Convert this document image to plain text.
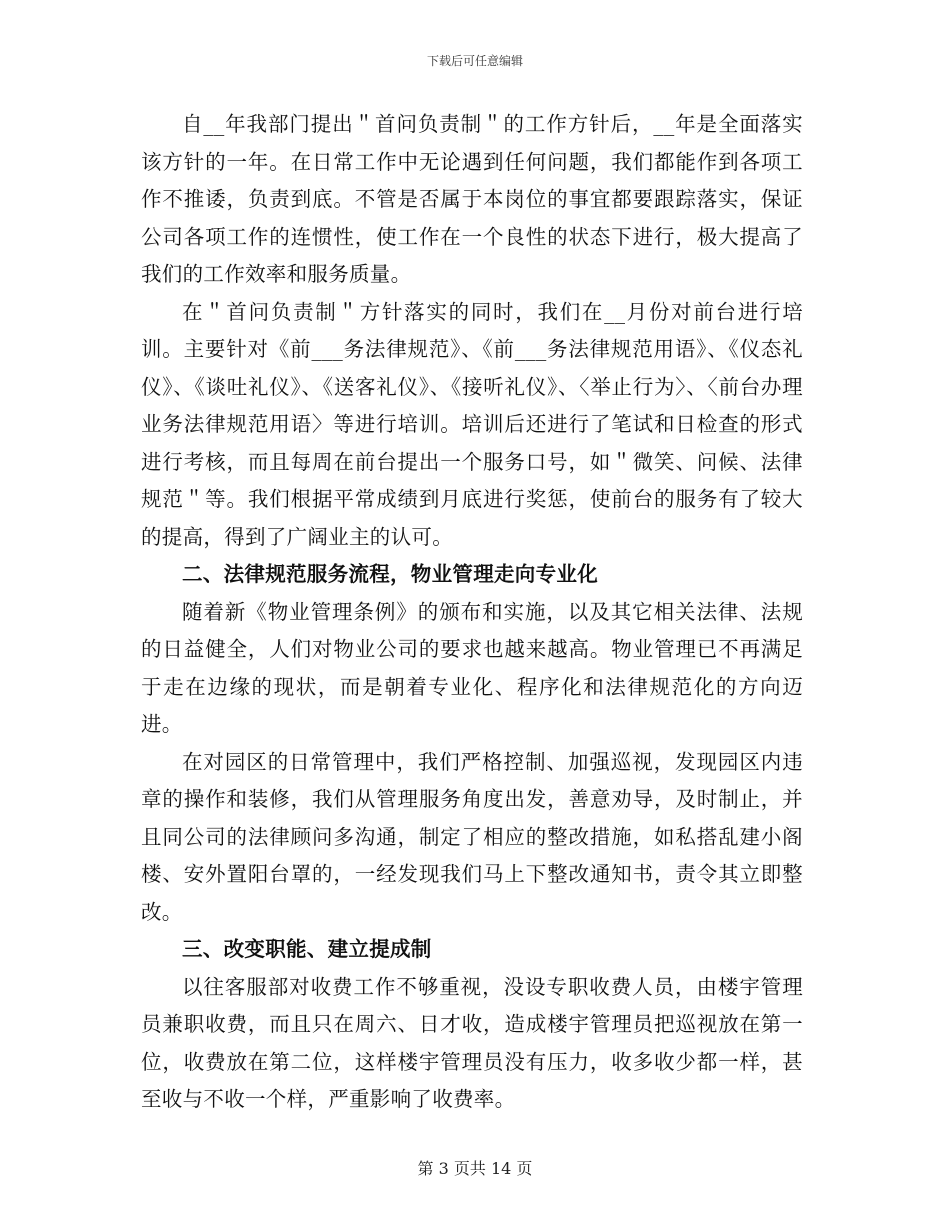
下载后可任意编辑

自__年我部门提出＂首问负责制＂的工作方针后，__年是全面落实该方针的一年。在日常工作中无论遇到任何问题，我们都能作到各项工作不推诿，负责到底。不管是否属于本岗位的事宜都要跟踪落实，保证公司各项工作的连惯性，使工作在一个良性的状态下进行，极大提高了我们的工作效率和服务质量。

在＂首问负责制＂方针落实的同时，我们在__月份对前台进行培训。主要针对《前___务法律规范》、《前___务法律规范用语》、《仪态礼仪》、《谈吐礼仪》、《送客礼仪》、《接听礼仪》、〈举止行为〉、〈前台办理业务法律规范用语〉等进行培训。培训后还进行了笔试和日检查的形式进行考核，而且每周在前台提出一个服务口号，如＂微笑、问候、法律规范＂等。我们根据平常成绩到月底进行奖惩，使前台的服务有了较大的提高，得到了广阔业主的认可。

二、法律规范服务流程，物业管理走向专业化

随着新《物业管理条例》的颁布和实施，以及其它相关法律、法规的日益健全，人们对物业公司的要求也越来越高。物业管理已不再满足于走在边缘的现状，而是朝着专业化、程序化和法律规范化的方向迈进。

在对园区的日常管理中，我们严格控制、加强巡视，发现园区内违章的操作和装修，我们从管理服务角度出发，善意劝导，及时制止，并且同公司的法律顾问多沟通，制定了相应的整改措施，如私搭乱建小阁楼、安外置阳台罩的，一经发现我们马上下整改通知书，责令其立即整改。

三、改变职能、建立提成制

以往客服部对收费工作不够重视，没设专职收费人员，由楼宇管理员兼职收费，而且只在周六、日才收，造成楼宇管理员把巡视放在第一位，收费放在第二位，这样楼宇管理员没有压力，收多收少都一样，甚至收与不收一个样，严重影响了收费率。

第 3 页共 14 页
